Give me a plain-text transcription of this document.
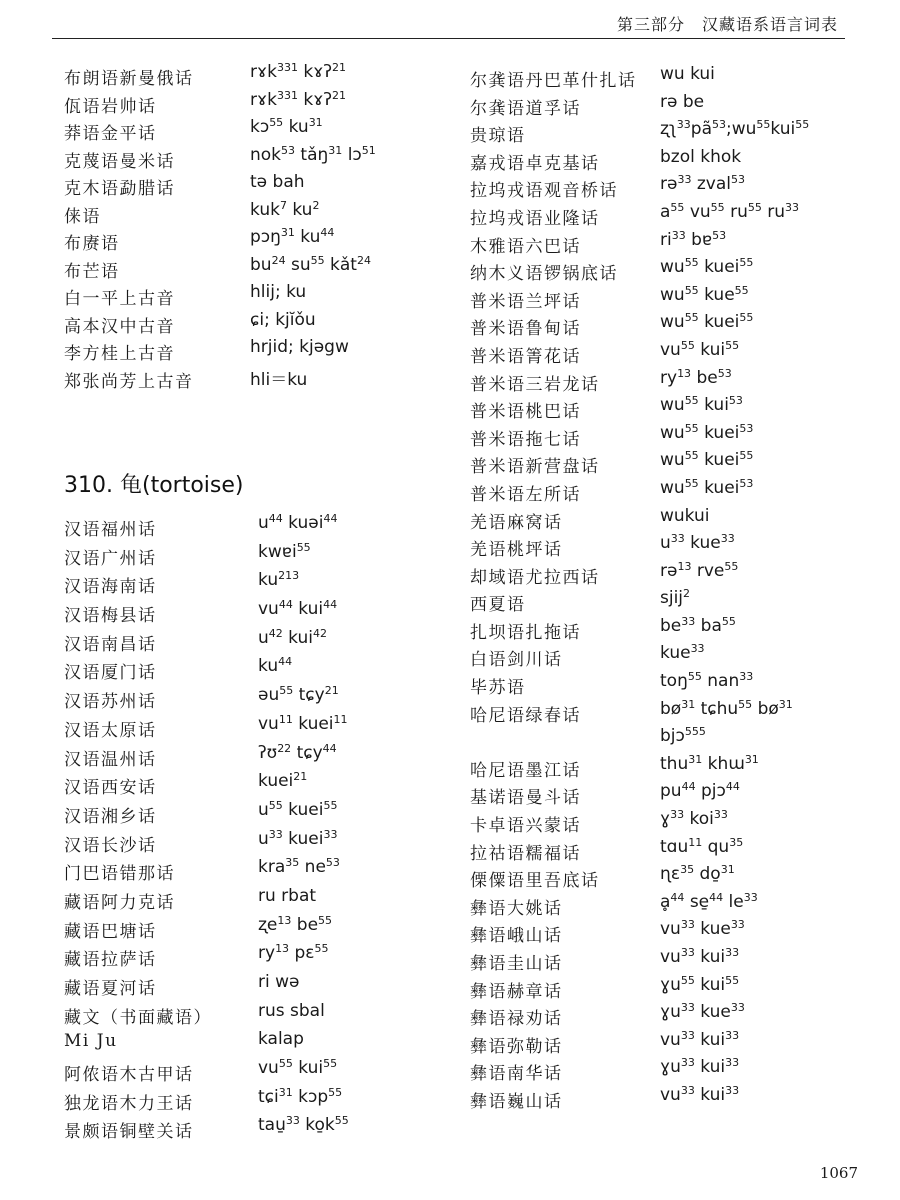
第三部分　汉藏语系语言词表
布朗语新曼俄话	rɤk$^{331}$ kɤʔ$^{21}$
佤语岩帅话	rɤk$^{331}$ kɤʔ$^{21}$
莽语金平话	kɔ$^{55}$ $ku^{31}$
克蔑语曼米话	nok$^{53}$ tǎŋ$^{31}$ lɔ$^{51}$
克木语勐腊话	tə bah
俫语	kuk$^7$ $ku^2$
布赓语	pɔŋ$^{31}$ $ku^{44}$
布芒语	$bu^{24}$ $su^{55}$ kǎt$^{24}$
白一平上古音	hlij; ku
高本汉中古音	ɕi; kjĭǒu
李方桂上古音	hrjid; kjəgw
郑张尚芳上古音	hli＝ku
310. 龟(tortoise)
汉语福州话	$u^{44}$ kuəi$^{44}$
汉语广州话	kwɐi$^{55}$
汉语海南话	$ku^{213}$
汉语梅县话	$vu^{44}$ kui$^{44}$
汉语南昌话	$u^{42}$ kui$^{42}$
汉语厦门话	$ku^{44}$
汉语苏州话	əu$^{55}$ tɕy$^{21}$
汉语太原话	$vu^{11}$ kuei$^{11}$
汉语温州话	ʔʊ$^{22}$ tɕy$^{44}$
汉语西安话	kuei$^{21}$
汉语湘乡话	$u^{55}$ kuei$^{55}$
汉语长沙话	$u^{33}$ kuei$^{33}$
门巴语错那话	kra$^{35}$ $ne^{53}$
藏语阿力克话	ru rbat
藏语巴塘话	ʐe$^{13}$ $be^{55}$
藏语拉萨话	$ry^{13}$ pɛ$^{55}$
藏语夏河话	ri wə
藏文（书面藏语）	rus sbal
Mi Ju	kalap
阿侬语木古甲话	$vu^{55}$ kui$^{55}$
独龙语木力王话	tɕi$^{31}$ kɔp$^{55}$
景颇语铜壁关话	tau̱$^{33}$ $ko̱k^{55}$
尔龚语丹巴革什扎话 wu kui
尔龚语道孚话	rə be
贵琼语	$ʐʅ^{33}pã^{53};wu^{55}kui^{55}$
嘉戎语卓克基话	bzol khok
拉坞戎语观音桥话 rə$^{33}$ zval$^{53}$
拉坞戎语业隆话	$a^{55}$ $vu^{55}$ $ru^{55}$ $ru^{33}$
木雅语六巴话	$ri^{33}$ bɐ$^{53}$
纳木义语锣锅底话 $wu^{55}$ kuei$^{55}$
普米语兰坪话	$wu^{55}$ kue$^{55}$
普米语鲁甸话	$wu^{55}$ kuei$^{55}$
普米语箐花话	$vu^{55}$ kui$^{55}$
普米语三岩龙话	$ry^{13}$ $be^{53}$
普米语桃巴话	$wu^{55}$ kui$^{53}$
普米语拖七话	$wu^{55}$ kuei$^{53}$
普米语新营盘话	$wu^{55}$ kuei$^{55}$
普米语左所话	$wu^{55}$ kuei$^{53}$
羌语麻窝话	wukui
羌语桃坪话	$u^{33}$ kue$^{33}$
却域语尤拉西话	rə$^{13}$ rve$^{55}$
西夏语	sjij$^2$
扎坝语扎拖话	$be^{33}$ $ba^{55}$
白语剑川话	kue$^{33}$
毕苏语	toŋ$^{55}$ nan$^{33}$
哈尼语绿春话	$bø^{31}$ tɕhu$^{55}$ $bø^{31}$
bjɔ$^{555}$
哈尼语墨江话	thu$^{31}$ khɯ$^{31}$
基诺语曼斗话	$pu^{44}$ pjɔ$^{44}$
卡卓语兴蒙话	ɣ$^{33}$ koi$^{33}$
拉祜语糯福话	tɑu$^{11}$ $qu^{35}$
傈僳语里吾底话	ɳɛ$^{35}$ do̱$^{31}$
彝语大姚话	ḁ$^{44}$ se̱$^{44}$ $le^{33}$
彝语峨山话	$vu^{33}$ kue$^{33}$
彝语圭山话	$vu^{33}$ kui$^{33}$
彝语赫章话	ɣu$^{55}$ kui$^{55}$
彝语禄劝话	ɣu$^{33}$ kue$^{33}$
彝语弥勒话	$vu^{33}$ kui$^{33}$
彝语南华话	ɣu$^{33}$ kui$^{33}$
彝语巍山话	$vu^{33}$ kui$^{33}$
1067
